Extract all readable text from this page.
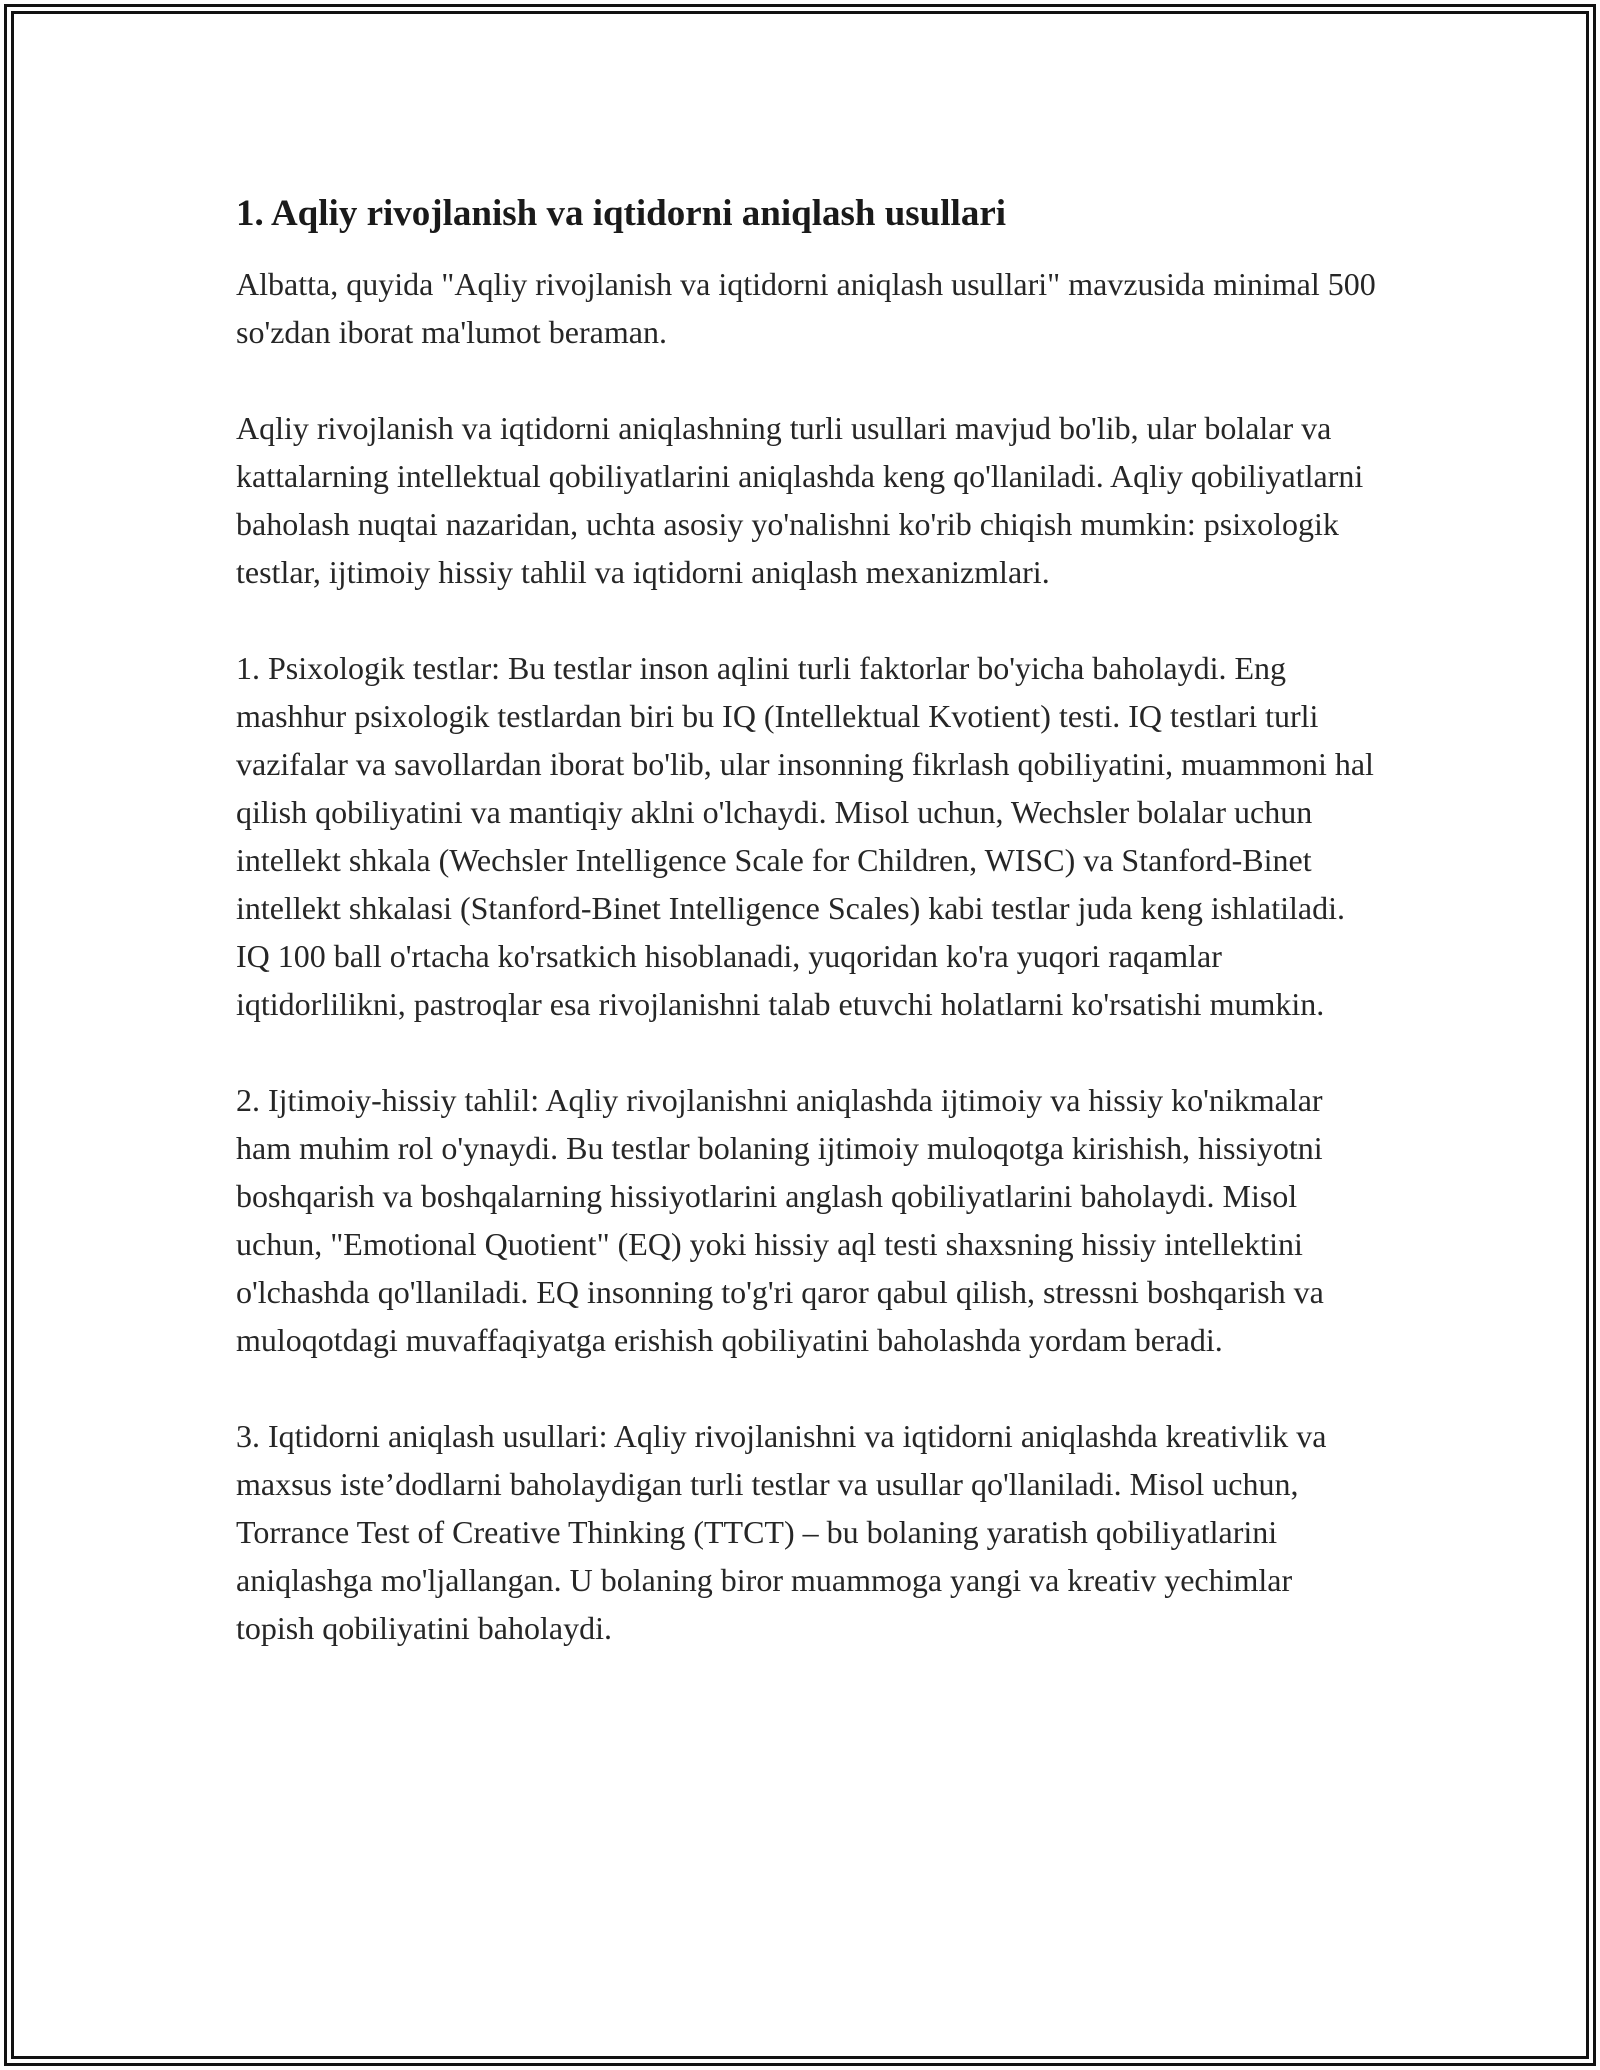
1. Aqliy rivojlanish va iqtidorni aniqlash usullari

Albatta, quyida "Aqliy rivojlanish va iqtidorni aniqlash usullari" mavzusida minimal 500 so'zdan iborat ma'lumot beraman.

Aqliy rivojlanish va iqtidorni aniqlashning turli usullari mavjud bo'lib, ular bolalar va kattalarning intellektual qobiliyatlarini aniqlashda keng qo'llaniladi. Aqliy qobiliyatlarni baholash nuqtai nazaridan, uchta asosiy yo'nalishni ko'rib chiqish mumkin: psixologik testlar, ijtimoiy hissiy tahlil va iqtidorni aniqlash mexanizmlari.

1. Psixologik testlar: Bu testlar inson aqlini turli faktorlar bo'yicha baholaydi. Eng mashhur psixologik testlardan biri bu IQ (Intellektual Kvotient) testi. IQ testlari turli vazifalar va savollardan iborat bo'lib, ular insonning fikrlash qobiliyatini, muammoni hal qilish qobiliyatini va mantiqiy aklni o'lchaydi. Misol uchun, Wechsler bolalar uchun intellekt shkala (Wechsler Intelligence Scale for Children, WISC) va Stanford-Binet intellekt shkalasi (Stanford-Binet Intelligence Scales) kabi testlar juda keng ishlatiladi. IQ 100 ball o'rtacha ko'rsatkich hisoblanadi, yuqoridan ko'ra yuqori raqamlar iqtidorlilikni, pastroqlar esa rivojlanishni talab etuvchi holatlarni ko'rsatishi mumkin.

2. Ijtimoiy-hissiy tahlil: Aqliy rivojlanishni aniqlashda ijtimoiy va hissiy ko'nikmalar ham muhim rol o'ynaydi. Bu testlar bolaning ijtimoiy muloqotga kirishish, hissiyotni boshqarish va boshqalarning hissiyotlarini anglash qobiliyatlarini baholaydi. Misol uchun, "Emotional Quotient" (EQ) yoki hissiy aql testi shaxsning hissiy intellektini o'lchashda qo'llaniladi. EQ insonning to'g'ri qaror qabul qilish, stressni boshqarish va muloqotdagi muvaffaqiyatga erishish qobiliyatini baholashda yordam beradi.

3. Iqtidorni aniqlash usullari: Aqliy rivojlanishni va iqtidorni aniqlashda kreativlik va maxsus iste’dodlarni baholaydigan turli testlar va usullar qo'llaniladi. Misol uchun, Torrance Test of Creative Thinking (TTCT) – bu bolaning yaratish qobiliyatlarini aniqlashga mo'ljallangan. U bolaning biror muammoga yangi va kreativ yechimlar topish qobiliyatini baholaydi.
